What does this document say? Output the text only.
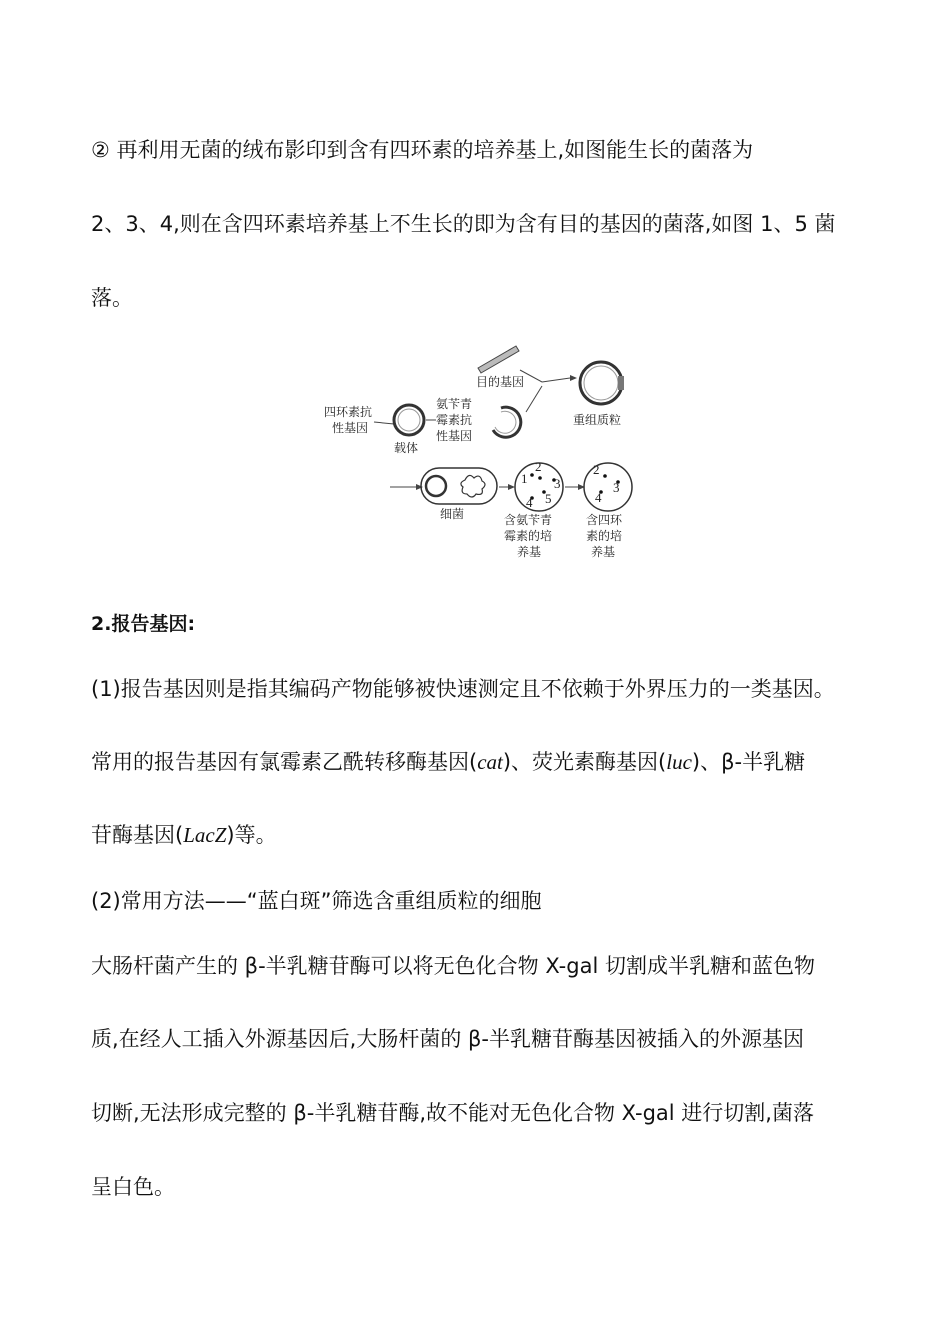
② 再利用无菌的绒布影印到含有四环素的培养基上,如图能生长的菌落为
2、3、4,则在含四环素培养基上不生长的即为含有目的基因的菌落,如图 1、5 菌
落。
目的基因
四环素抗
性基因
载体
氨苄青
霉素抗
性基因
重组质粒
细菌
2
1 3
4 5
含氨苄青
霉素的培
养基
2
3
4
含四环
素的培
养基
2.报告基因:
(1)报告基因则是指其编码产物能够被快速测定且不依赖于外界压力的一类基因。
常用的报告基因有氯霉素乙酰转移酶基因(cat)、荧光素酶基因(luc)、β-半乳糖
苷酶基因(LacZ)等。
(2)常用方法——“蓝白斑”筛选含重组质粒的细胞
大肠杆菌产生的 β-半乳糖苷酶可以将无色化合物 X-gal 切割成半乳糖和蓝色物
质,在经人工插入外源基因后,大肠杆菌的 β-半乳糖苷酶基因被插入的外源基因
切断,无法形成完整的 β-半乳糖苷酶,故不能对无色化合物 X-gal 进行切割,菌落
呈白色。
